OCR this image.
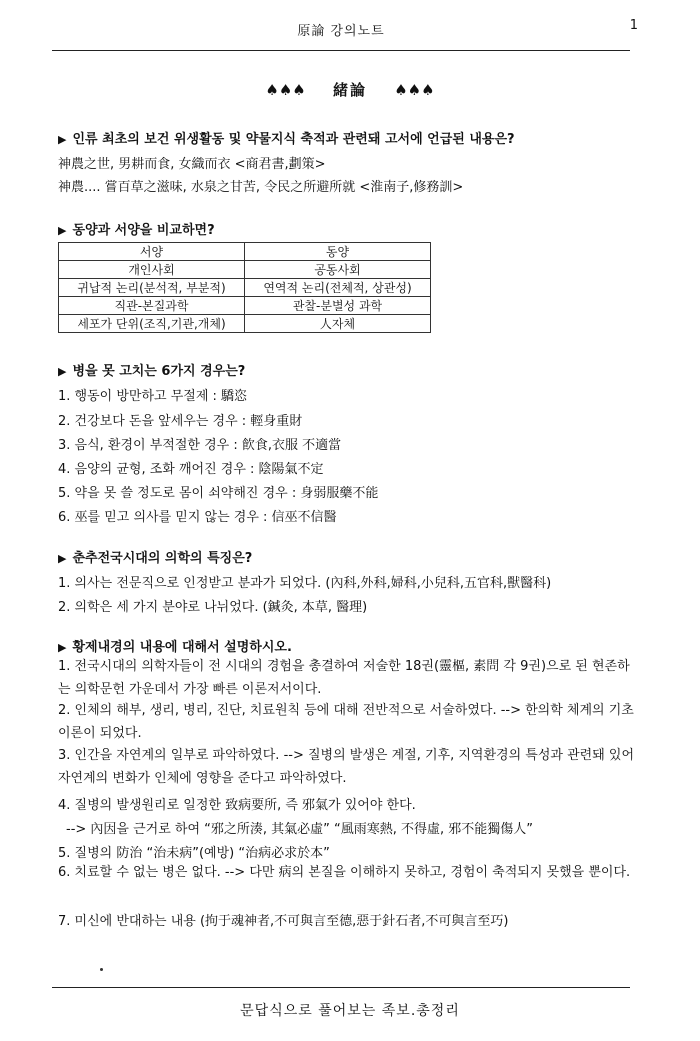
原論 강의노트	1
♠♠♠ 緒論 ♠♠♠
▶ 인류 최초의 보건 위생활동 및 약물지식 축적과 관련돼 고서에 언급된 내용은?
神農之世, 男耕而食, 女織而衣 <商君書,劃策>
神農.... 嘗百草之滋味, 水泉之甘苦, 令民之所避所就 <淮南子,修務訓>
▶ 동양과 서양을 비교하면?
서양	동양
개인사회	공동사회
귀납적 논리(분석적, 부분적)	연역적 논리(전체적, 상관성)
직관-본질과학	관찰-분별성 과학
세포가 단위(조직,기관,개체)	人자체
▶ 병을 못 고치는 6가지 경우는?
1. 행동이 방만하고 무절제 : 驕恣
2. 건강보다 돈을 앞세우는 경우 : 輕身重財
3. 음식, 환경이 부적절한 경우 : 飮食,衣服 不適當
4. 음양의 균형, 조화 깨어진 경우 : 陰陽氣不定
5. 약을 못 쓸 정도로 몸이 쇠약해진 경우 : 身弱服藥不能
6. 巫를 믿고 의사를 믿지 않는 경우 : 信巫不信醫
▶ 춘추전국시대의 의학의 특징은?
1. 의사는 전문직으로 인정받고 분과가 되었다. (內科,外科,婦科,小兒科,五官科,獸醫科)
2. 의학은 세 가지 분야로 나뉘었다. (鍼灸, 本草, 醫理)
▶ 황제내경의 내용에 대해서 설명하시오.
1. 전국시대의 의학자들이 전 시대의 경험을 총결하여 저술한 18권(靈樞, 素問 각 9권)으로 된 현존하는 의학문헌 가운데서 가장 빠른 이론저서이다.
2. 인체의 해부, 생리, 병리, 진단, 치료원칙 등에 대해 전반적으로 서술하였다. --> 한의학 체계의 기초이론이 되었다.
3. 인간을 자연계의 일부로 파악하였다. --> 질병의 발생은 계절, 기후, 지역환경의 특성과 관련돼 있어 자연계의 변화가 인체에 영향을 준다고 파악하였다.
4. 질병의 발생원리로 일정한 致病要所, 즉 邪氣가 있어야 한다.
--> 內因을 근거로 하여 “邪之所湊, 其氣必虛” “風雨寒熱, 不得虛, 邪不能獨傷人”
5. 질병의 防治 “治未病”(예방) “治病必求於本”
6. 치료할 수 없는 병은 없다. --> 다만 病의 본질을 이해하지 못하고, 경험이 축적되지 못했을 뿐이다.
7. 미신에 반대하는 내용 (拘于魂神者,不可與言至德,惡于針石者,不可與言至巧)
문답식으로 풀어보는 족보.총정리
